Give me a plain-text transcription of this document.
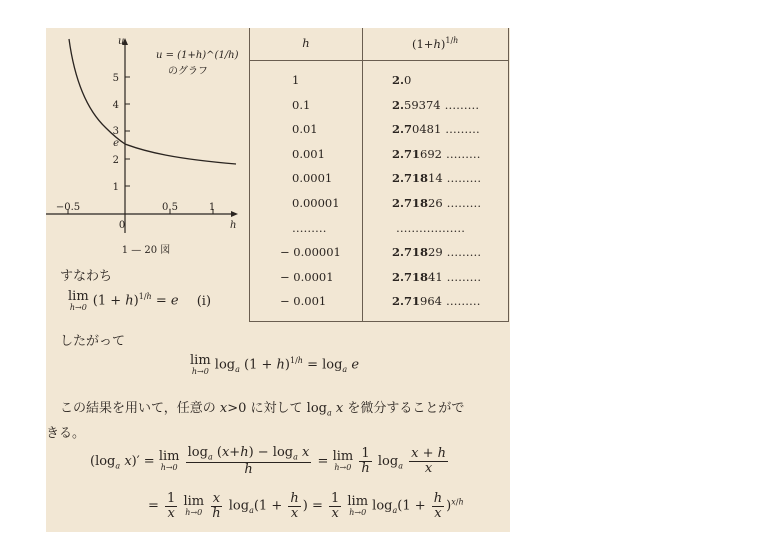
5
4
3
e
2
1
u
−0.5
0
0.5	1
h
u = (1+h)^(1/h)
のグラフ
1 — 20 図
h	$(1+h)^{1/h}$
1	2.0
0.1	2.59374 ………
0.01	2.70481 ………
0.001	2.71692 ………
0.0001	2.71814 ………
0.00001	2.71826 ………
………	………………
− 0.00001	2.71829 ………
− 0.0001	2.71841 ………
− 0.001	2.71964 ………
すなわち
lim
h→0 $(1 + h)^{1/h} = e$ (i)
したがって
lim
h→0 $\log_a (1 + h)^{1/h} = \log_a e$
この結果を用いて，任意の x>0 に対して $\log_a x$ を微分することがで
きる。
($\log_a$ x)′ = lim
h→0
$\frac{\log_a (x+h) - \log_a x}{h} = \lim$
h→0
$\frac{1}{h} \log_a \frac{x + h}{x}$
= $\frac{1}{x}$ lim
h→0
$\frac{x}{h} \log_a(1 + \frac{h}{x}$ ) = $\frac{1}{x}$ lim
h→0 $\log_a(1 + \frac{h}{x} )^{x/h}$
